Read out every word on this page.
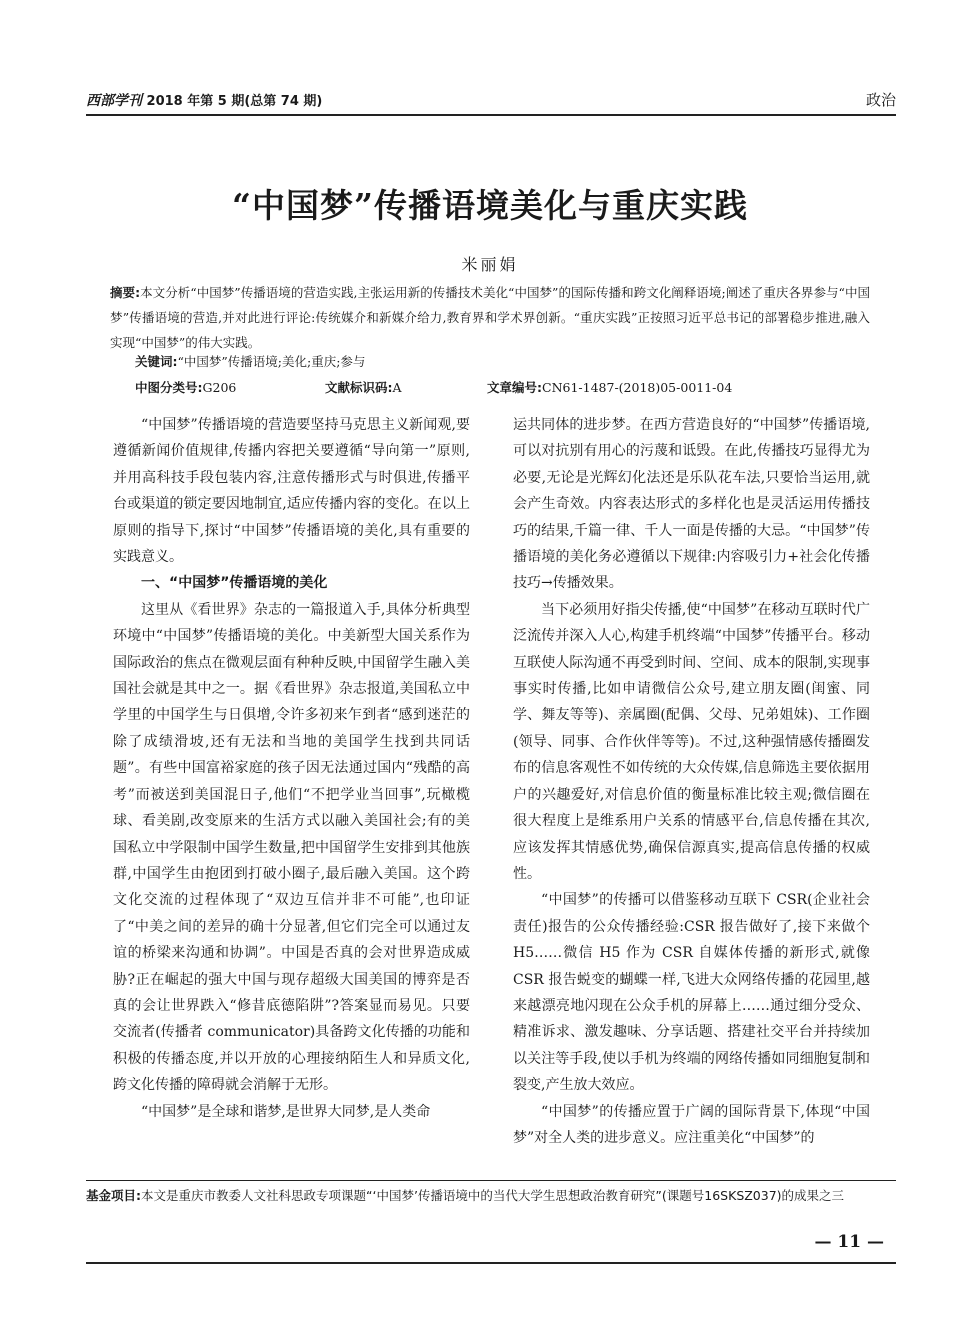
西部学刊 2018 年第 5 期(总第 74 期)	政治
“中国梦”传播语境美化与重庆实践
米丽娟
摘要:本文分析“中国梦”传播语境的营造实践,主张运用新的传播技术美化“中国梦”的国际传播和跨文化阐释语境;阐述了重庆各界参与“中国梦”传播语境的营造,并对此进行评论:传统媒介和新媒介给力,教育界和学术界创新。“重庆实践”正按照习近平总书记的部署稳步推进,融入实现“中国梦”的伟大实践。
关键词:“中国梦”传播语境;美化;重庆;参与
中图分类号:G206	文献标识码:A	文章编号:CN61-1487-(2018)05-0011-04

“中国梦”传播语境的营造要坚持马克思主义新闻观,要遵循新闻价值规律,传播内容把关要遵循“导向第一”原则,并用高科技手段包装内容,注意传播形式与时俱进,传播平台或渠道的锁定要因地制宜,适应传播内容的变化。在以上原则的指导下,探讨“中国梦”传播语境的美化,具有重要的实践意义。

一、“中国梦”传播语境的美化

这里从《看世界》杂志的一篇报道入手,具体分析典型环境中“中国梦”传播语境的美化。中美新型大国关系作为国际政治的焦点在微观层面有种种反映,中国留学生融入美国社会就是其中之一。据《看世界》杂志报道,美国私立中学里的中国学生与日俱增,令许多初来乍到者“感到迷茫的除了成绩滑坡,还有无法和当地的美国学生找到共同话题”。有些中国富裕家庭的孩子因无法通过国内“残酷的高考”而被送到美国混日子,他们“不把学业当回事”,玩橄榄球、看美剧,改变原来的生活方式以融入美国社会;有的美国私立中学限制中国学生数量,把中国留学生安排到其他族群,中国学生由抱团到打破小圈子,最后融入美国。这个跨文化交流的过程体现了“双边互信并非不可能”,也印证了“中美之间的差异的确十分显著,但它们完全可以通过友谊的桥梁来沟通和协调”。中国是否真的会对世界造成威胁?正在崛起的强大中国与现存超级大国美国的博弈是否真的会让世界跌入“修昔底德陷阱”?答案显而易见。只要交流者(传播者 communicator)具备跨文化传播的功能和积极的传播态度,并以开放的心理接纳陌生人和异质文化,跨文化传播的障碍就会消解于无形。

“中国梦”是全球和谐梦,是世界大同梦,是人类命

运共同体的进步梦。在西方营造良好的“中国梦”传播语境,可以对抗别有用心的污蔑和诋毁。在此,传播技巧显得尤为必要,无论是光辉幻化法还是乐队花车法,只要恰当运用,就会产生奇效。内容表达形式的多样化也是灵活运用传播技巧的结果,千篇一律、千人一面是传播的大忌。“中国梦”传播语境的美化务必遵循以下规律:内容吸引力+社会化传播技巧→传播效果。

当下必须用好指尖传播,使“中国梦”在移动互联时代广泛流传并深入人心,构建手机终端“中国梦”传播平台。移动互联使人际沟通不再受到时间、空间、成本的限制,实现事事实时传播,比如申请微信公众号,建立朋友圈(闺蜜、同学、舞友等等)、亲属圈(配偶、父母、兄弟姐妹)、工作圈(领导、同事、合作伙伴等等)。不过,这种强情感传播圈发布的信息客观性不如传统的大众传媒,信息筛选主要依据用户的兴趣爱好,对信息价值的衡量标准比较主观;微信圈在很大程度上是维系用户关系的情感平台,信息传播在其次,应该发挥其情感优势,确保信源真实,提高信息传播的权威性。

“中国梦”的传播可以借鉴移动互联下 CSR(企业社会责任)报告的公众传播经验:CSR 报告做好了,接下来做个 H5……微信 H5 作为 CSR 自媒体传播的新形式,就像 CSR 报告蜕变的蝴蝶一样,飞进大众网络传播的花园里,越来越漂亮地闪现在公众手机的屏幕上……通过细分受众、精准诉求、激发趣味、分享话题、搭建社交平台并持续加以关注等手段,使以手机为终端的网络传播如同细胞复制和裂变,产生放大效应。

“中国梦”的传播应置于广阔的国际背景下,体现“中国梦”对全人类的进步意义。应注重美化“中国梦”的

基金项目:本文是重庆市教委人文社科思政专项课题“‘中国梦’传播语境中的当代大学生思想政治教育研究”(课题号16SKSZ037)的成果之三
— 11 —
